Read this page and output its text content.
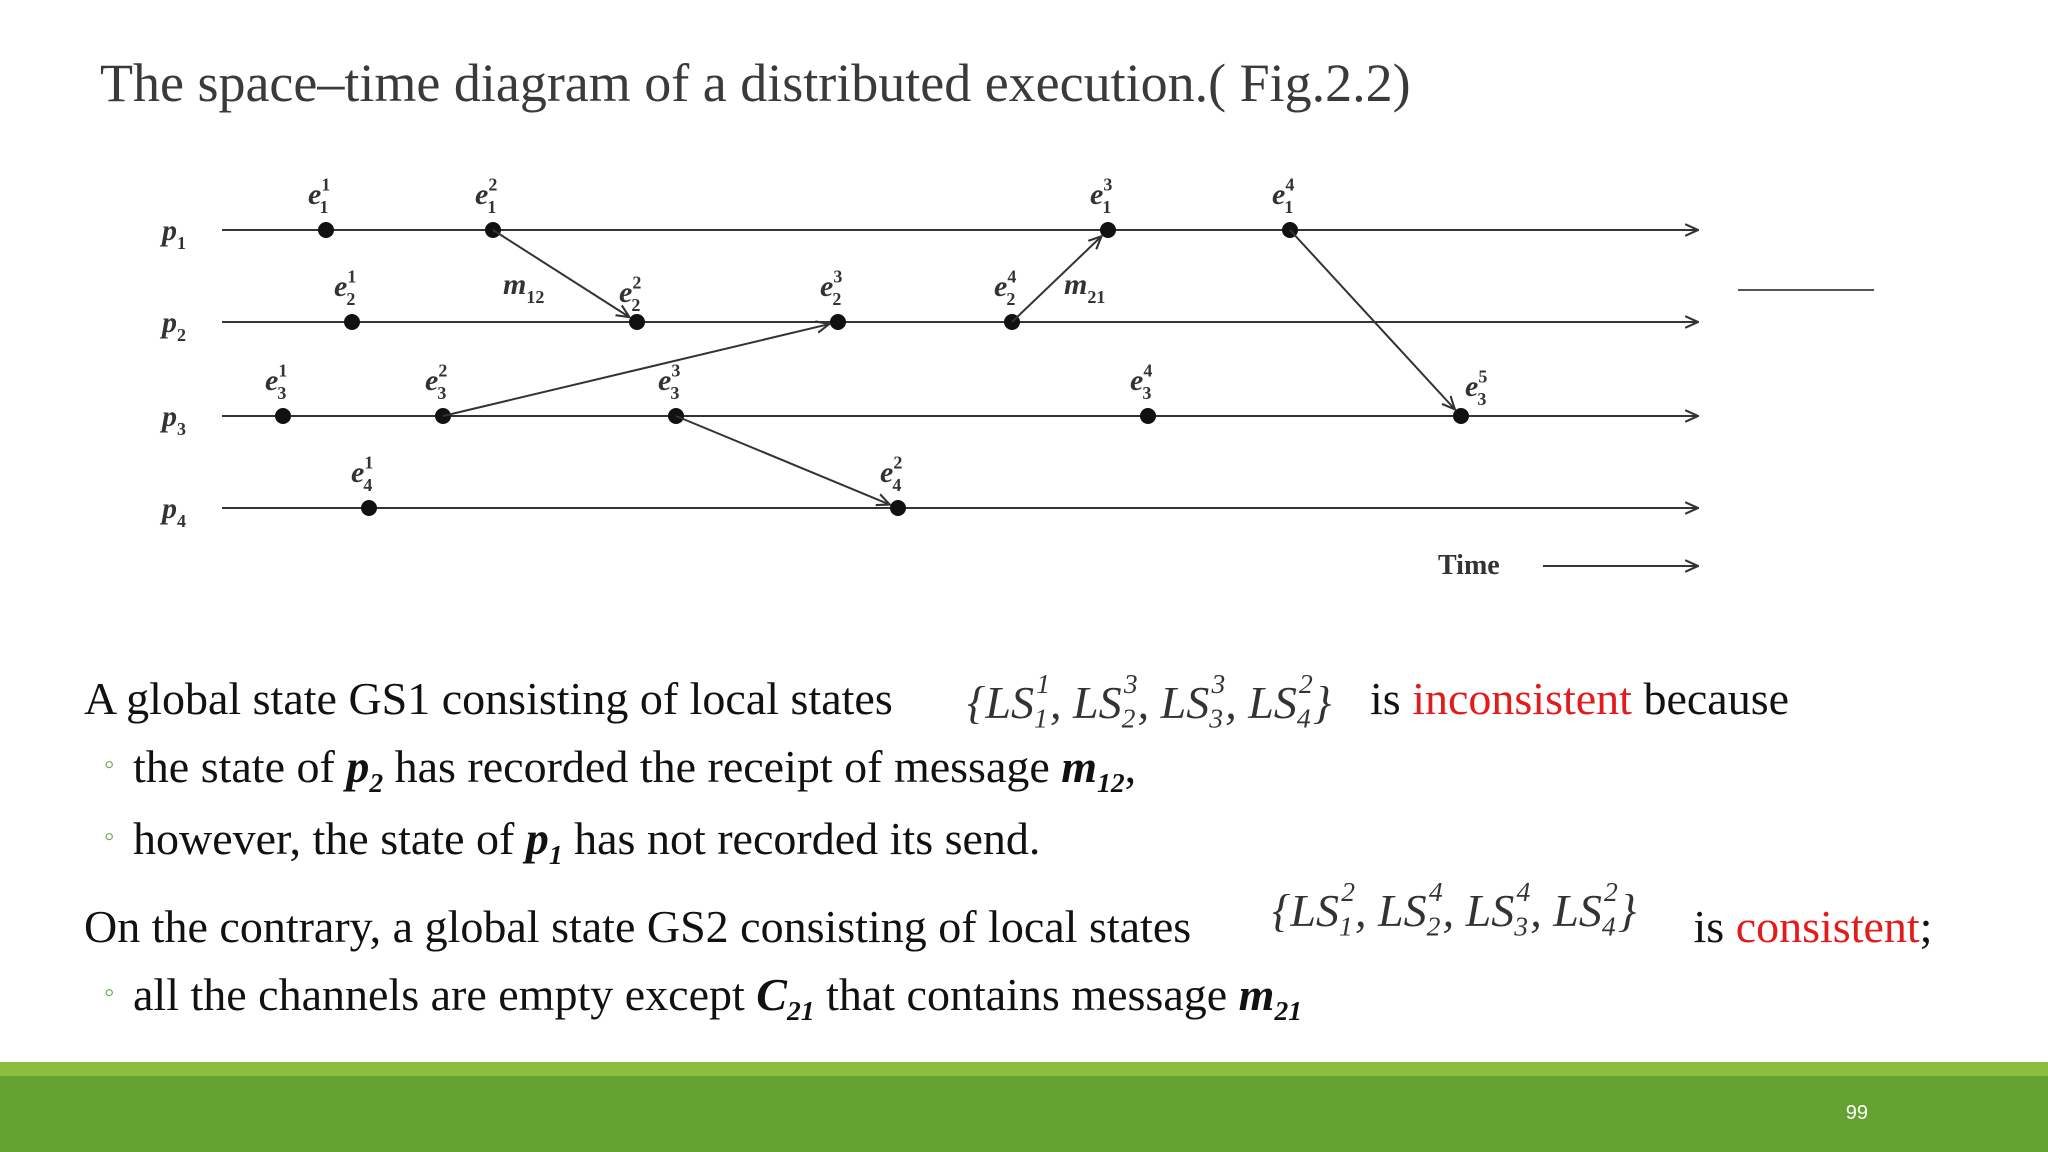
The space–time diagram of a distributed execution.( Fig.2.2)
$p_1$
$p_2$
$p_3$
$p_4$
$e^1$ 1	$e^2$ 1	$e^3$ 1	$e^4$ 1
$e^1$ 2	$e^2$ 2
$e^3$ 2	$e^4$ 2
$e^1$ 3	$e^2$ 3	$e^3$ 3	$e^4$ 3	$e^5$ 3
$e^1$ 4	$e^2$ 4
$m_{12}$	$m_{21}$
Time
A global state GS1 consisting of local states {$LS_1^1$, $LS_2^3$, $LS_3^3$, $LS_4^2$} is inconsistent because
◦ the state of $p_2$ has recorded the receipt of message $m_{12}$,
◦ however, the state of $p_1$ has not recorded its send.
On the contrary, a global state GS2 consisting of local states {$LS_1^2$, $LS_2^4$, $LS_3^4$, $LS_4^2$} is consistent;
◦ all the channels are empty except $C_{21}$ that contains message $m_{21}$
99
